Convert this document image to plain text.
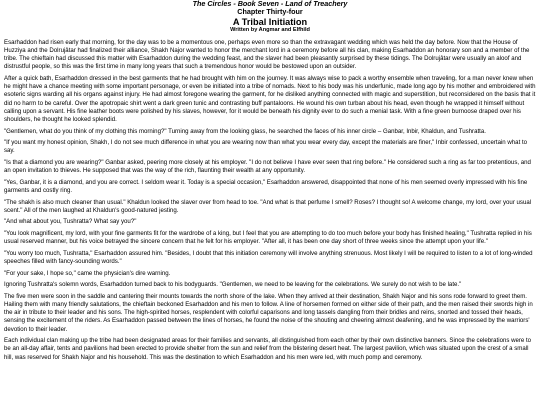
The Circles - Book Seven - Land of Treachery
Chapter Thirty-four
A Tribal Initiation
Written by Angmar and Elfhild

Esarhaddon had risen early that morning, for the day was to be a momentous one, perhaps even more so than the extravagant wedding which was held the day before. Now that the House of Huzziya and the Dolrujâtar had finalized their alliance, Shakh Najor wanted to honor the merchant lord in a ceremony before all his clan, making Esarhaddon an honorary son and a member of the tribe. The chieftain had discussed this matter with Esarhaddon during the wedding feast, and the slaver had been pleasantly surprised by these tidings. The Dolrujâtar were usually an aloof and distrustful people, so this was the first time in many long years that such a tremendous honor would be bestowed upon an outsider.

After a quick bath, Esarhaddon dressed in the best garments that he had brought with him on the journey. It was always wise to pack a worthy ensemble when traveling, for a man never knew when he might have a chance meeting with some important personage, or even be initiated into a tribe of nomads. Next to his body was his underfunic, made long ago by his mother and embroidered with esoteric signs warding all his organs against injury. He had almost foregone wearing the garment, for he disliked anything connected with magic and superstition, but reconsidered on the basis that it did no harm to be careful. Over the apotropaic shirt went a dark green tunic and contrasting buff pantaloons. He wound his own turban about his head, even though he wrapped it himself without calling upon a servant. His fine leather boots were polished by his slaves, however, for it would be beneath his dignity ever to do such a menial task. With a fine green burnoose draped over his shoulders, he thought he looked splendid.

"Gentlemen, what do you think of my clothing this morning?" Turning away from the looking glass, he searched the faces of his inner circle – Ganbar, Inbir, Khaldun, and Tushratta.

"If you want my honest opinion, Shakh, I do not see much difference in what you are wearing now than what you wear every day, except the materials are finer," Inbir confessed, uncertain what to say.

"Is that a diamond you are wearing?" Ganbar asked, peering more closely at his employer. "I do not believe I have ever seen that ring before." He considered such a ring as far too pretentious, and an open invitation to thieves. He supposed that was the way of the rich, flaunting their wealth at any opportunity.

"Yes, Ganbar, it is a diamond, and you are correct. I seldom wear it. Today is a special occasion," Esarhaddon answered, disappointed that none of his men seemed overly impressed with his fine garments and costly ring.

"The shakh is also much cleaner than usual." Khaldun looked the slaver over from head to toe. "And what is that perfume I smell? Roses? I thought so! A welcome change, my lord, over your usual scent." All of the men laughed at Khaldun's good-natured jesting.

"And what about you, Tushratta? What say you?"

"You look magnificent, my lord, with your fine garments fit for the wardrobe of a king, but I feel that you are attempting to do too much before your body has finished healing," Tushratta replied in his usual reserved manner, but his voice betrayed the sincere concern that he felt for his employer. "After all, it has been one day short of three weeks since the attempt upon your life."

"You worry too much, Tushratta," Esarhaddon assured him. "Besides, I doubt that this initiation ceremony will involve anything strenuous. Most likely I will be required to listen to a lot of long-winded speeches filled with fancy-sounding words."

"For your sake, I hope so," came the physician's dire warning.

Ignoring Tushratta's solemn words, Esarhaddon turned back to his bodyguards. "Gentlemen, we need to be leaving for the celebrations. We surely do not wish to be late."

The five men were soon in the saddle and cantering their mounts towards the north shore of the lake. When they arrived at their destination, Shakh Najor and his sons rode forward to greet them. Hailing them with many friendly salutations, the chieftain beckoned Esarhaddon and his men to follow. A line of horsemen formed on either side of their path, and the men raised their swords high in the air in tribute to their leader and his sons. The high-spirited horses, resplendent with colorful caparisons and long tassels dangling from their bridles and reins, snorted and tossed their heads, sensing the excitement of the riders. As Esarhaddon passed between the lines of horses, he found the noise of the shouting and cheering almost deafening, and he was impressed by the warriors' devotion to their leader.

Each individual clan making up the tribe had been designated areas for their families and servants, all distinguished from each other by their own distinctive banners. Since the celebrations were to be an all-day affair, tents and pavilions had been erected to provide shelter from the sun and relief from the blistering desert heat. The largest pavilion, which was situated upon the crest of a small hill, was reserved for Shakh Najor and his household. This was the destination to which Esarhaddon and his men were led, with much pomp and ceremony.
